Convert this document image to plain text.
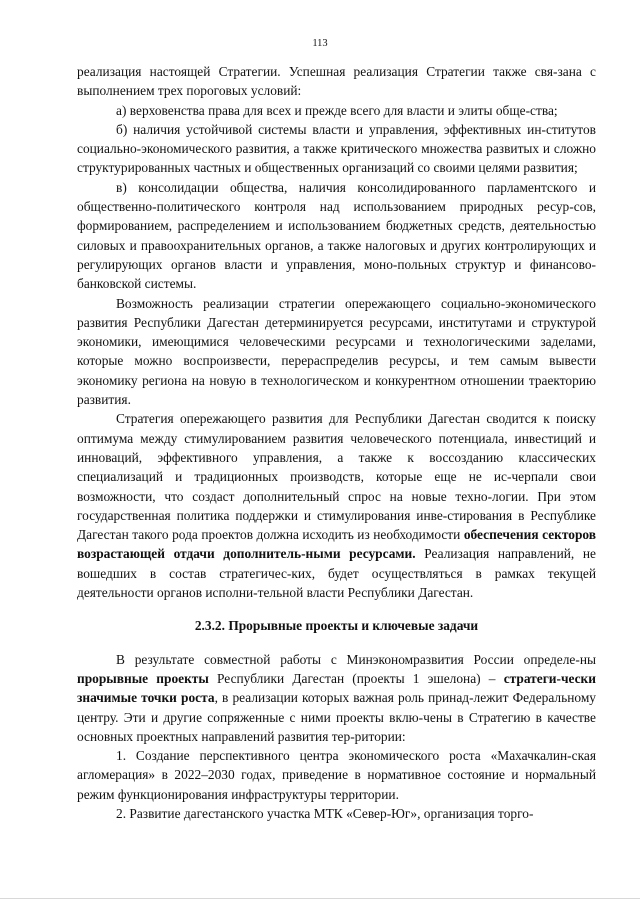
113

реализация настоящей Стратегии. Успешная реализация Стратегии также свя-зана с выполнением трех пороговых условий:

а) верховенства права для всех и прежде всего для власти и элиты обще-ства;

б) наличия устойчивой системы власти и управления, эффективных ин-ститутов социально-экономического развития, а также критического множества развитых и сложно структурированных частных и общественных организаций со своими целями развития;

в) консолидации общества, наличия консолидированного парламентского и общественно-политического контроля над использованием природных ресур-сов, формированием, распределением и использованием бюджетных средств, деятельностью силовых и правоохранительных органов, а также налоговых и других контролирующих и регулирующих органов власти и управления, моно-польных структур и финансово-банковской системы.

Возможность реализации стратегии опережающего социально-экономического развития Республики Дагестан детерминируется ресурсами, институтами и структурой экономики, имеющимися человеческими ресурсами и технологическими заделами, которые можно воспроизвести, перераспределив ресурсы, и тем самым вывести экономику региона на новую в технологическом и конкурентном отношении траекторию развития.

Стратегия опережающего развития для Республики Дагестан сводится к поиску оптимума между стимулированием развития человеческого потенциала, инвестиций и инноваций, эффективного управления, а также к воссозданию классических специализаций и традиционных производств, которые еще не ис-черпали свои возможности, что создаст дополнительный спрос на новые техно-логии. При этом государственная политика поддержки и стимулирования инве-стирования в Республике Дагестан такого рода проектов должна исходить из необходимости обеспечения секторов возрастающей отдачи дополнитель-ными ресурсами. Реализация направлений, не вошедших в состав стратегичес-ких, будет осуществляться в рамках текущей деятельности органов исполни-тельной власти Республики Дагестан.

2.3.2. Прорывные проекты и ключевые задачи

В результате совместной работы с Минэкономразвития России определе-ны прорывные проекты Республики Дагестан (проекты 1 эшелона) – стратеги-чески значимые точки роста, в реализации которых важная роль принад-лежит Федеральному центру. Эти и другие сопряженные с ними проекты вклю-чены в Стратегию в качестве основных проектных направлений развития тер-ритории:

1. Создание перспективного центра экономического роста «Махачкалин-ская агломерация» в 2022–2030 годах, приведение в нормативное состояние и нормальный режим функционирования инфраструктуры территории.

2. Развитие дагестанского участка МТК «Север-Юг», организация торго-
